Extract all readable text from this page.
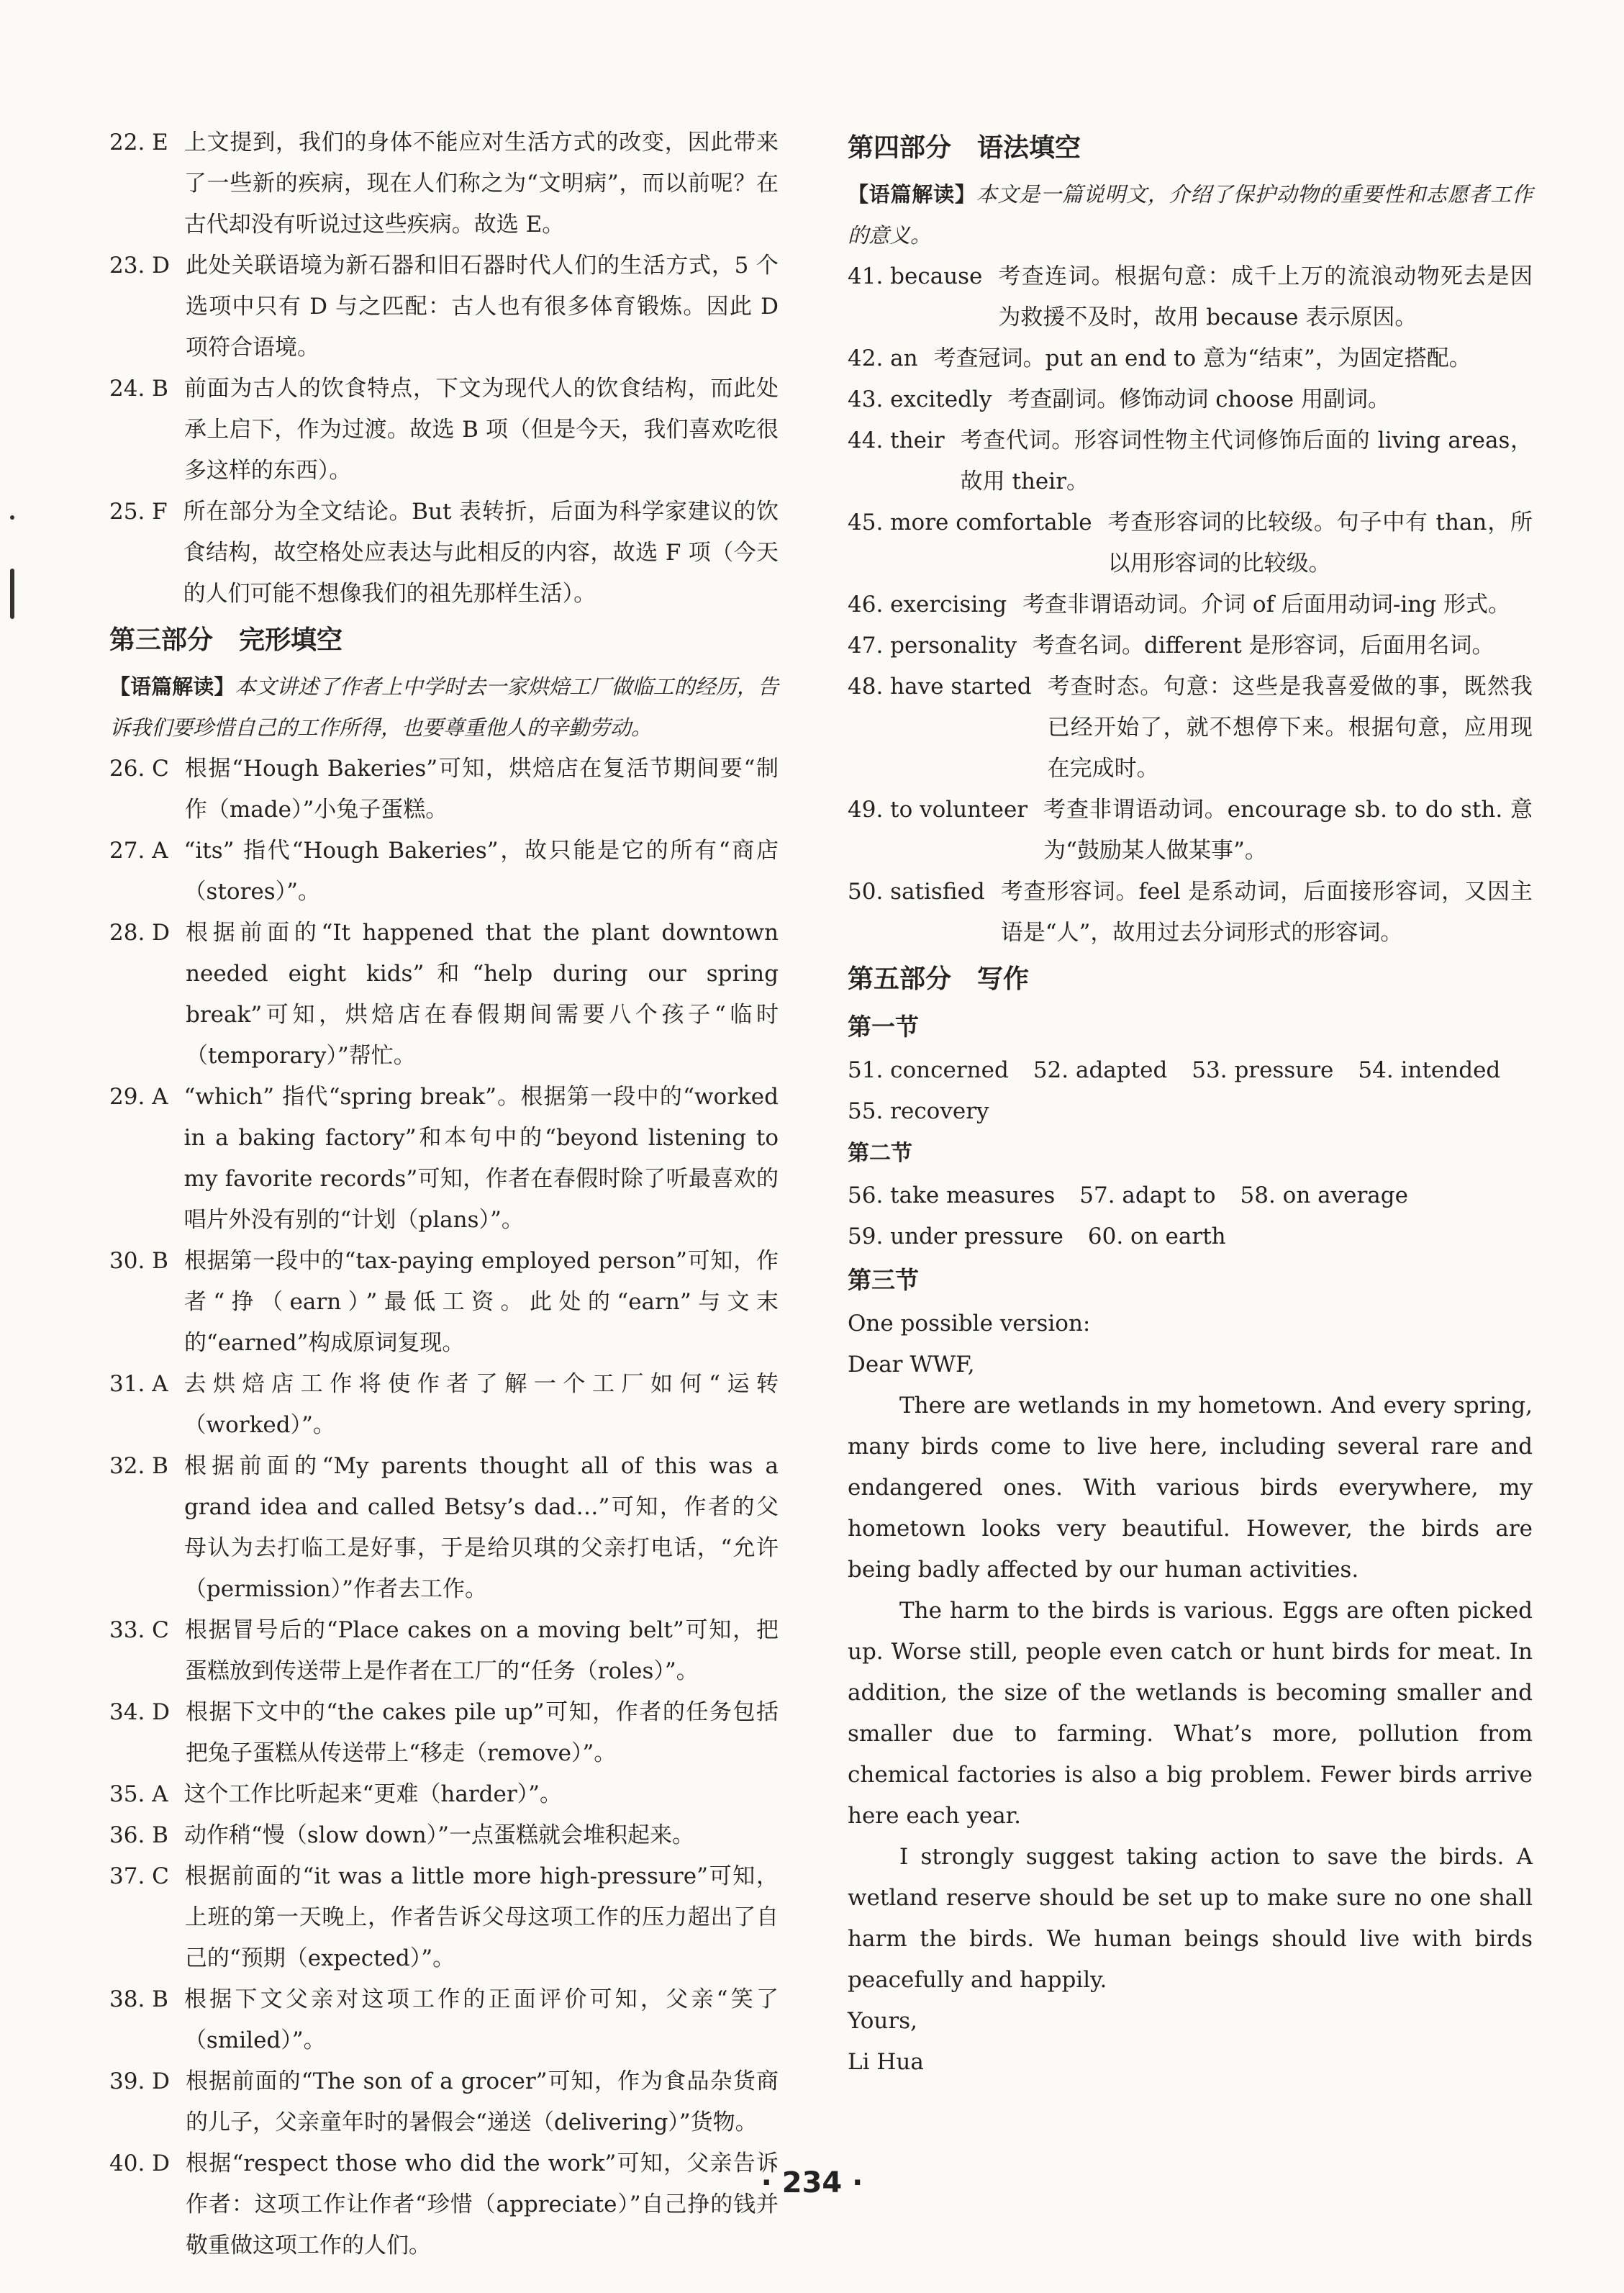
22. E 上文提到，我们的身体不能应对生活方式的改变，因此带来了一些新的疾病，现在人们称之为“文明病”，而以前呢？在古代却没有听说过这些疾病。故选 E。
23. D 此处关联语境为新石器和旧石器时代人们的生活方式，5 个选项中只有 D 与之匹配：古人也有很多体育锻炼。因此 D 项符合语境。
24. B 前面为古人的饮食特点，下文为现代人的饮食结构，而此处承上启下，作为过渡。故选 B 项（但是今天，我们喜欢吃很多这样的东西）。
25. F 所在部分为全文结论。But 表转折，后面为科学家建议的饮食结构，故空格处应表达与此相反的内容，故选 F 项（今天的人们可能不想像我们的祖先那样生活）。
第三部分 完形填空
【语篇解读】本文讲述了作者上中学时去一家烘焙工厂做临工的经历，告诉我们要珍惜自己的工作所得，也要尊重他人的辛勤劳动。
26. C 根据“Hough Bakeries”可知，烘焙店在复活节期间要“制作（made）”小兔子蛋糕。
27. A “its” 指代“Hough Bakeries”，故只能是它的所有“商店（stores）”。
28. D 根据前面的“It happened that the plant downtown needed eight kids”和“help during our spring break”可知，烘焙店在春假期间需要八个孩子“临时（temporary）”帮忙。
29. A “which” 指代“spring break”。根据第一段中的“worked in a baking factory”和本句中的“beyond listening to my favorite records”可知，作者在春假时除了听最喜欢的唱片外没有别的“计划（plans）”。
30. B 根据第一段中的“tax-paying employed person”可知，作者“挣（earn）”最低工资。此处的“earn”与文末的“earned”构成原词复现。
31. A 去烘焙店工作将使作者了解一个工厂如何“运转（worked）”。
32. B 根据前面的“My parents thought all of this was a grand idea and called Betsy’s dad…”可知，作者的父母认为去打临工是好事，于是给贝琪的父亲打电话，“允许（permission）”作者去工作。
33. C 根据冒号后的“Place cakes on a moving belt”可知，把蛋糕放到传送带上是作者在工厂的“任务（roles）”。
34. D 根据下文中的“the cakes pile up”可知，作者的任务包括把兔子蛋糕从传送带上“移走（remove）”。
35. A 这个工作比听起来“更难（harder）”。
36. B 动作稍“慢（slow down）”一点蛋糕就会堆积起来。
37. C 根据前面的“it was a little more high-pressure”可知，上班的第一天晚上，作者告诉父母这项工作的压力超出了自己的“预期（expected）”。
38. B 根据下文父亲对这项工作的正面评价可知，父亲“笑了（smiled）”。
39. D 根据前面的“The son of a grocer”可知，作为食品杂货商的儿子，父亲童年时的暑假会“递送（delivering）”货物。
40. D 根据“respect those who did the work”可知，父亲告诉作者：这项工作让作者“珍惜（appreciate）”自己挣的钱并敬重做这项工作的人们。
第四部分 语法填空
【语篇解读】本文是一篇说明文，介绍了保护动物的重要性和志愿者工作的意义。
41. because 考查连词。根据句意：成千上万的流浪动物死去是因为救援不及时，故用 because 表示原因。
42. an 考查冠词。put an end to 意为“结束”，为固定搭配。
43. excitedly 考查副词。修饰动词 choose 用副词。
44. their 考查代词。形容词性物主代词修饰后面的 living areas，故用 their。
45. more comfortable 考查形容词的比较级。句子中有 than，所以用形容词的比较级。
46. exercising 考查非谓语动词。介词 of 后面用动词-ing 形式。
47. personality 考查名词。different 是形容词，后面用名词。
48. have started 考查时态。句意：这些是我喜爱做的事，既然我已经开始了，就不想停下来。根据句意，应用现在完成时。
49. to volunteer 考查非谓语动词。encourage sb. to do sth. 意为“鼓励某人做某事”。
50. satisfied 考查形容词。feel 是系动词，后面接形容词，又因主语是“人”，故用过去分词形式的形容词。
第五部分 写作
第一节
51. concerned 52. adapted 53. pressure 54. intended
55. recovery
第二节
56. take measures 57. adapt to 58. on average
59. under pressure 60. on earth
第三节

One possible version:

Dear WWF,

There are wetlands in my hometown. And every spring, many birds come to live here, including several rare and endangered ones. With various birds everywhere, my hometown looks very beautiful. However, the birds are being badly affected by our human activities.

The harm to the birds is various. Eggs are often picked up. Worse still, people even catch or hunt birds for meat. In addition, the size of the wetlands is becoming smaller and smaller due to farming. What’s more, pollution from chemical factories is also a big problem. Fewer birds arrive here each year.

I strongly suggest taking action to save the birds. A wetland reserve should be set up to make sure no one shall harm the birds. We human beings should live with birds peacefully and happily.

Yours,

Li Hua

· 234 ·
